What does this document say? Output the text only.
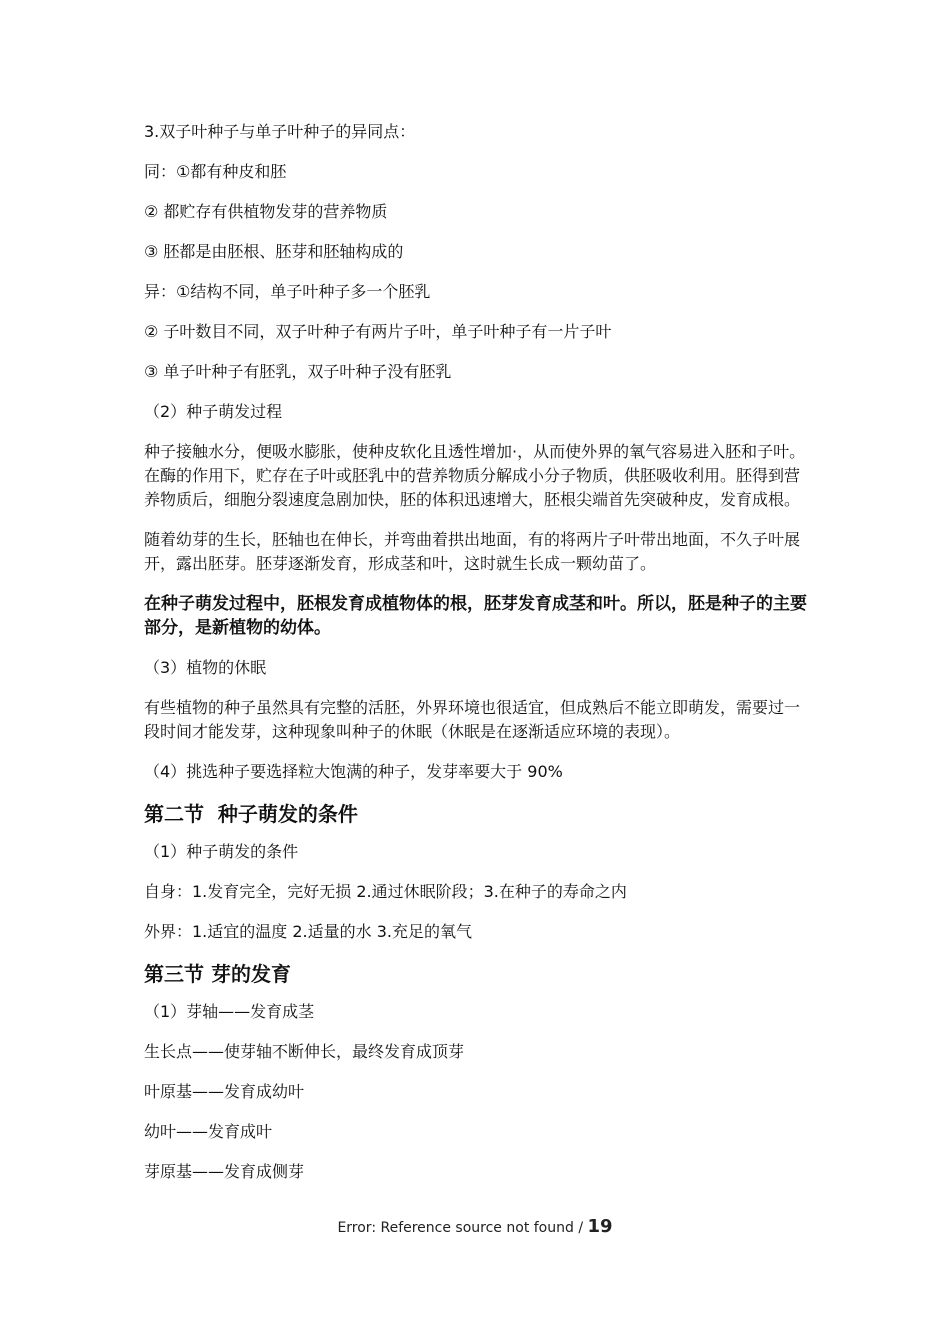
3.双子叶种子与单子叶种子的异同点：

同：①都有种皮和胚

② 都贮存有供植物发芽的营养物质

③ 胚都是由胚根、胚芽和胚轴构成的

异：①结构不同，单子叶种子多一个胚乳

② 子叶数目不同，双子叶种子有两片子叶，单子叶种子有一片子叶

③ 单子叶种子有胚乳，双子叶种子没有胚乳

（2）种子萌发过程

种子接触水分，便吸水膨胀，使种皮软化且透性增加·，从而使外界的氧气容易进入胚和子叶。在酶的作用下，贮存在子叶或胚乳中的营养物质分解成小分子物质，供胚吸收利用。胚得到营养物质后，细胞分裂速度急剧加快，胚的体积迅速增大，胚根尖端首先突破种皮，发育成根。

随着幼芽的生长，胚轴也在伸长，并弯曲着拱出地面，有的将两片子叶带出地面，不久子叶展开，露出胚芽。胚芽逐渐发育，形成茎和叶，这时就生长成一颗幼苗了。

在种子萌发过程中，胚根发育成植物体的根，胚芽发育成茎和叶。所以，胚是种子的主要部分，是新植物的幼体。

（3）植物的休眠

有些植物的种子虽然具有完整的活胚，外界环境也很适宜，但成熟后不能立即萌发，需要过一段时间才能发芽，这种现象叫种子的休眠（休眠是在逐渐适应环境的表现）。

（4）挑选种子要选择粒大饱满的种子，发芽率要大于 90%

第二节  种子萌发的条件

（1）种子萌发的条件

自身：1.发育完全，完好无损 2.通过休眠阶段；3.在种子的寿命之内

外界：1.适宜的温度 2.适量的水 3.充足的氧气

第三节 芽的发育

（1）芽轴——发育成茎

生长点——使芽轴不断伸长，最终发育成顶芽

叶原基——发育成幼叶

幼叶——发育成叶

芽原基——发育成侧芽

Error: Reference source not found / 19
